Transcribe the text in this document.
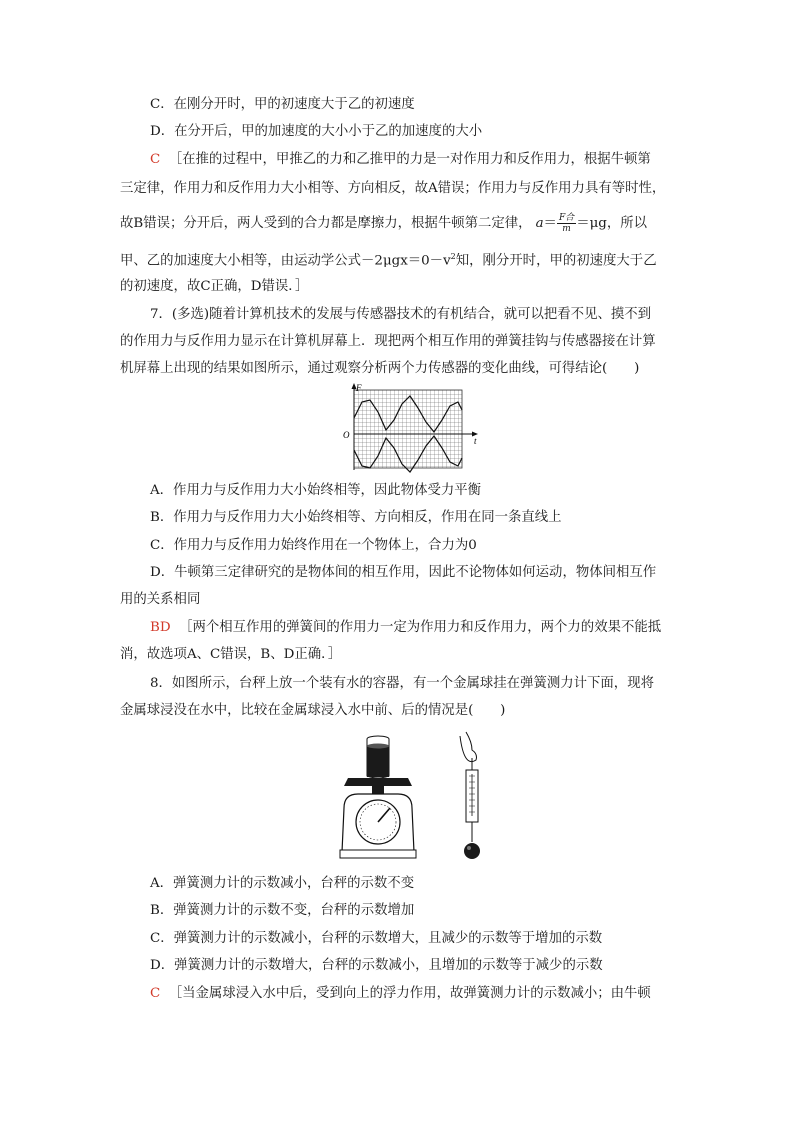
C．在刚分开时，甲的初速度大于乙的初速度
D．在分开后，甲的加速度的大小小于乙的加速度的大小
C ［在推的过程中，甲推乙的力和乙推甲的力是一对作用力和反作用力，根据牛顿第
三定律，作用力和反作用力大小相等、方向相反，故A错误；作用力与反作用力具有等时性，
故B错误；分开后，两人受到的合力都是摩擦力，根据牛顿第二定律， a＝ F合
m ＝μg，所以
甲、乙的加速度大小相等，由运动学公式$-2\mu gx=0-v^2$知，刚分开时，甲的初速度大于乙
的初速度，故C正确，D错误．］
7．(多选)随着计算机技术的发展与传感器技术的有机结合，就可以把看不见、摸不到
的作用力与反作用力显示在计算机屏幕上．现把两个相互作用的弹簧挂钩与传感器接在计算
机屏幕上出现的结果如图所示，通过观察分析两个力传感器的变化曲线，可得结论(　　)
F
t
O
A．作用力与反作用力大小始终相等，因此物体受力平衡
B．作用力与反作用力大小始终相等、方向相反，作用在同一条直线上
C．作用力与反作用力始终作用在一个物体上，合力为0
D．牛顿第三定律研究的是物体间的相互作用，因此不论物体如何运动，物体间相互作
用的关系相同
BD ［两个相互作用的弹簧间的作用力一定为作用力和反作用力，两个力的效果不能抵
消，故选项A、C错误，B、D正确．］
8．如图所示，台秤上放一个装有水的容器，有一个金属球挂在弹簧测力计下面，现将
金属球浸没在水中，比较在金属球浸入水中前、后的情况是(　　)
A．弹簧测力计的示数减小，台秤的示数不变
B．弹簧测力计的示数不变，台秤的示数增加
C．弹簧测力计的示数减小，台秤的示数增大，且减少的示数等于增加的示数
D．弹簧测力计的示数增大，台秤的示数减小，且增加的示数等于减少的示数
C ［当金属球浸入水中后，受到向上的浮力作用，故弹簧测力计的示数减小；由牛顿
